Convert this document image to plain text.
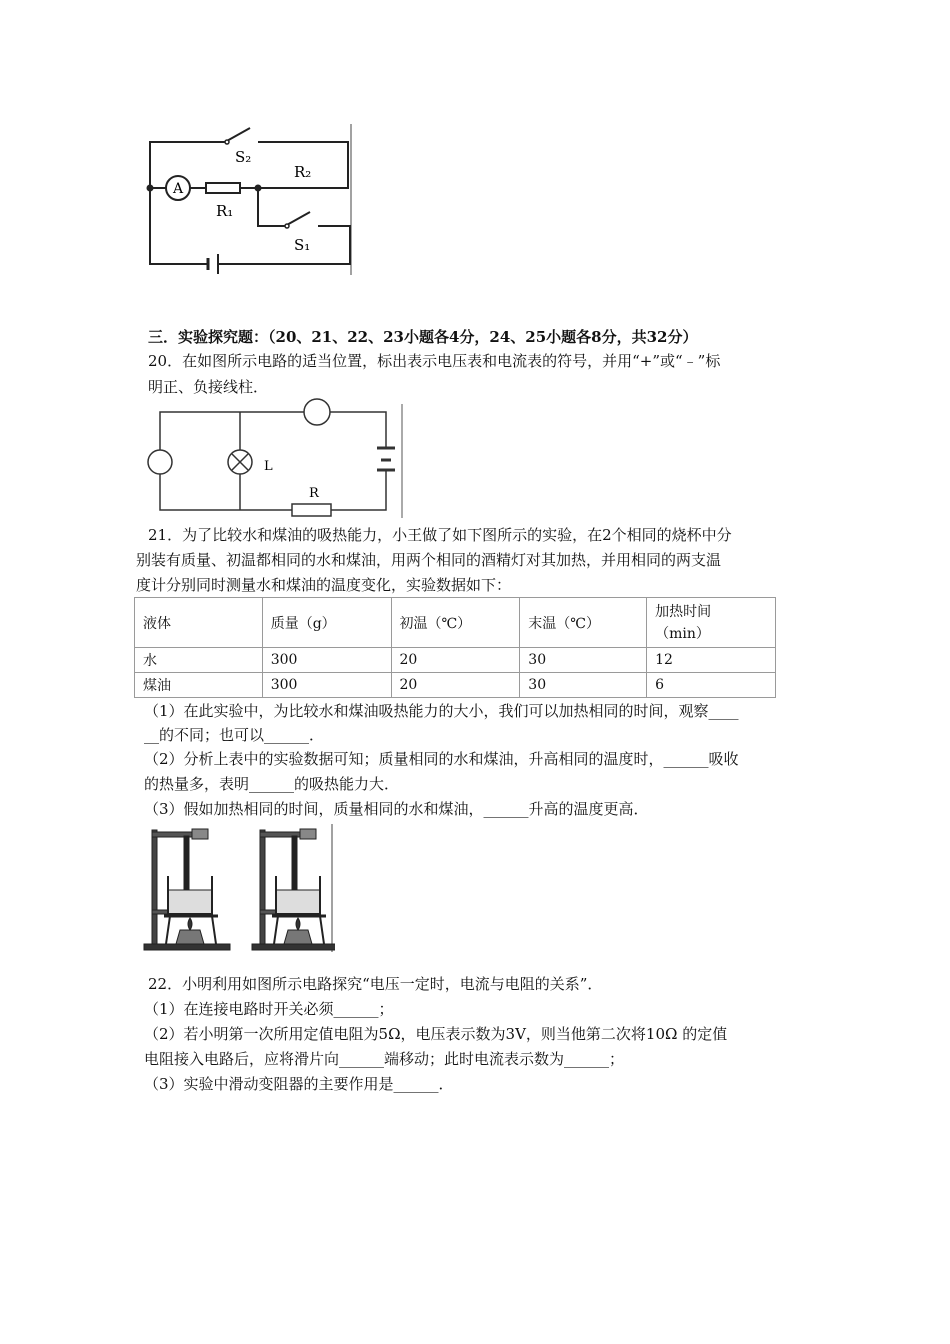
A
S₂
R₂
R₁
S₁
三．实验探究题：（20、21、22、23小题各4分，24、25小题各8分，共32分）
20．在如图所示电路的适当位置，标出表示电压表和电流表的符号，并用“+”或“﹣”标
明正、负接线柱．
L
R
21．为了比较水和煤油的吸热能力，小王做了如下图所示的实验，在2个相同的烧杯中分
别装有质量、初温都相同的水和煤油，用两个相同的酒精灯对其加热，并用相同的两支温
度计分别同时测量水和煤油的温度变化，实验数据如下：
液体	质量（g）	初温（℃）	末温（℃）	加热时间
（min）
水	300	20	30	12
煤油	300	20	30	6
（1）在此实验中，为比较水和煤油吸热能力的大小，我们可以加热相同的时间，观察____
__的不同；也可以______．
（2）分析上表中的实验数据可知；质量相同的水和煤油，升高相同的温度时，______吸收
的热量多，表明______的吸热能力大．
（3）假如加热相同的时间，质量相同的水和煤油，______升高的温度更高．
22．小明利用如图所示电路探究“电压一定时，电流与电阻的关系”．
（1）在连接电路时开关必须______；
（2）若小明第一次所用定值电阻为5Ω，电压表示数为3V，则当他第二次将10Ω 的定值
电阻接入电路后，应将滑片向______端移动；此时电流表示数为______；
（3）实验中滑动变阻器的主要作用是______．
